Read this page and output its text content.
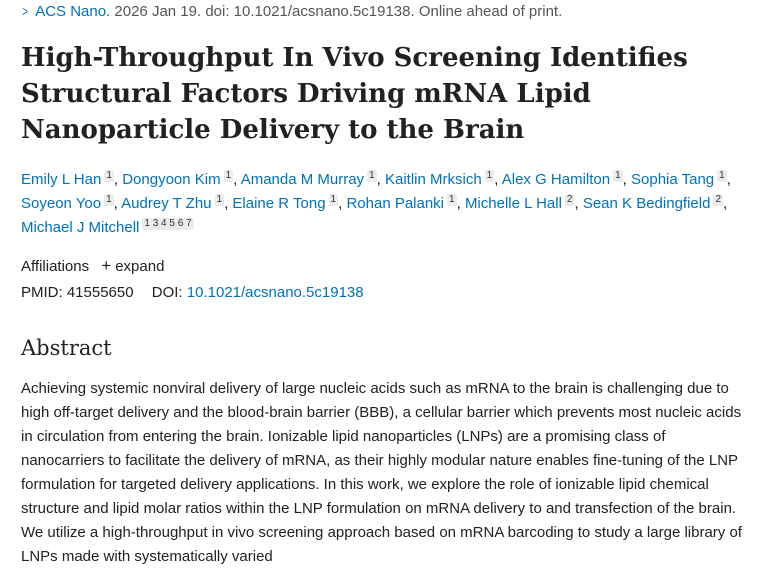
> ACS Nano. 2026 Jan 19. doi: 10.1021/acsnano.5c19138. Online ahead of print.
High-Throughput In Vivo Screening Identifies Structural Factors Driving mRNA Lipid Nanoparticle Delivery to the Brain
Emily L Han 1 , Dongyoon Kim 1 , Amanda M Murray 1 , Kaitlin Mrksich 1 , Alex G Hamilton 1 , Sophia Tang 1 , Soyeon Yoo 1 , Audrey T Zhu 1 , Elaine R Tong 1 , Rohan Palanki 1 , Michelle L Hall 2 , Sean K Bedingfield 2 , Michael J Mitchell 1 3 4 5 6 7
Affiliations + expand
PMID: 41555650 DOI: 10.1021/acsnano.5c19138
Abstract

Achieving systemic nonviral delivery of large nucleic acids such as mRNA to the brain is challenging due to high off-target delivery and the blood-brain barrier (BBB), a cellular barrier which prevents most nucleic acids in circulation from entering the brain. Ionizable lipid nanoparticles (LNPs) are a promising class of nanocarriers to facilitate the delivery of mRNA, as their highly modular nature enables fine-tuning of the LNP formulation for targeted delivery applications. In this work, we explore the role of ionizable lipid chemical structure and lipid molar ratios within the LNP formulation on mRNA delivery to and transfection of the brain. We utilize a high-throughput in vivo screening approach based on mRNA barcoding to study a large library of LNPs made with systematically varied
